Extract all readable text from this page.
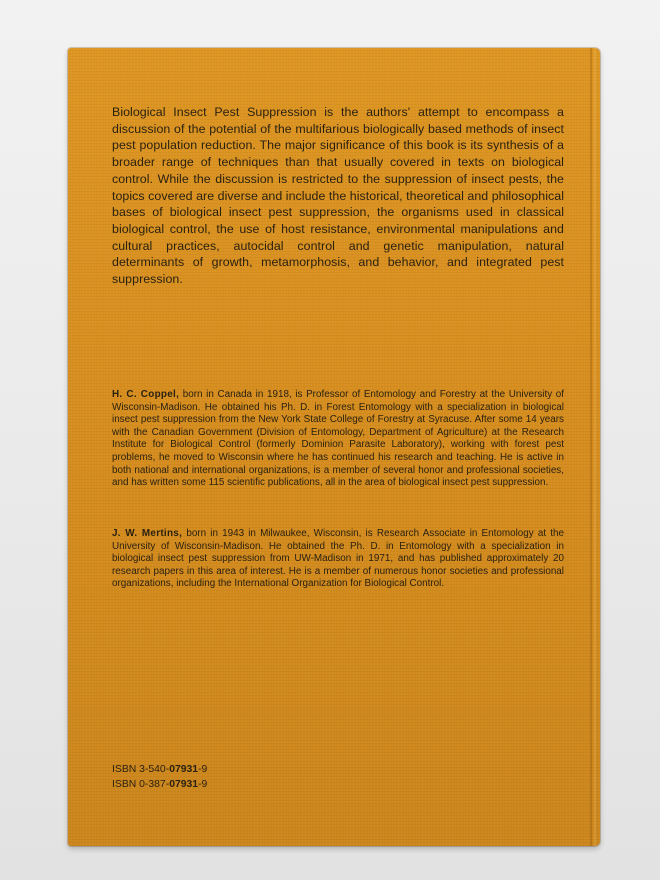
Biological Insect Pest Suppression is the authors' attempt to encompass a discussion of the potential of the multifarious biologically based methods of insect pest population reduction. The major significance of this book is its synthesis of a broader range of techniques than that usually covered in texts on biological control. While the discussion is restricted to the suppression of insect pests, the topics covered are diverse and include the historical, theoretical and philosophical bases of biological insect pest suppression, the organisms used in classical biological control, the use of host resistance, environmental manipulations and cultural practices, autocidal control and genetic manipulation, natural determinants of growth, metamorphosis, and behavior, and integrated pest suppression.

H. C. Coppel, born in Canada in 1918, is Professor of Entomology and Forestry at the University of Wisconsin-Madison. He obtained his Ph. D. in Forest Entomology with a specialization in biological insect pest suppression from the New York State College of Forestry at Syracuse. After some 14 years with the Canadian Government (Division of Entomology, Department of Agriculture) at the Research Institute for Biological Control (formerly Dominion Parasite Laboratory), working with forest pest problems, he moved to Wisconsin where he has continued his research and teaching. He is active in both national and international organizations, is a member of several honor and professional societies, and has written some 115 scientific publications, all in the area of biological insect pest suppression.

J. W. Mertins, born in 1943 in Milwaukee, Wisconsin, is Research Associate in Entomology at the University of Wisconsin-Madison. He obtained the Ph. D. in Entomology with a specialization in biological insect pest suppression from UW-Madison in 1971, and has published approximately 20 research papers in this area of interest. He is a member of numerous honor societies and professional organizations, including the International Organization for Biological Control.

ISBN 3-540-07931-9
ISBN 0-387-07931-9
